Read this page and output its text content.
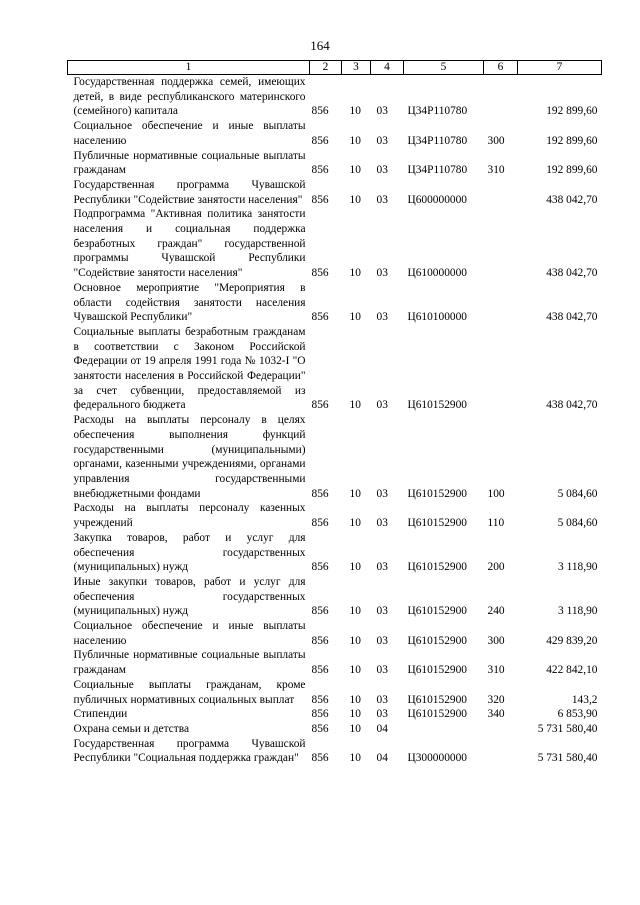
164
1	2	3	4	5	6	7
Государственная поддержка семей, имеющих детей, в виде республиканского материнского (семейного) капитала	856	10	03	Ц34Р110780		192 899,60
Социальное обеспечение и иные выплаты населению	856	10	03	Ц34Р110780	300	192 899,60
Публичные нормативные социальные выплаты гражданам	856	10	03	Ц34Р110780	310	192 899,60
Государственная программа Чувашской Республики "Содействие занятости населения"	856	10	03	Ц600000000		438 042,70
Подпрограмма "Активная политика занятости населения и социальная поддержка безработных граждан" государственной программы Чувашской Республики "Содействие занятости населения"	856	10	03	Ц610000000		438 042,70
Основное мероприятие "Мероприятия в области содействия занятости населения Чувашской Республики"	856	10	03	Ц610100000		438 042,70
Социальные выплаты безработным гражданам в соответствии с Законом Российской Федерации от 19 апреля 1991 года № 1032-I "О занятости населения в Российской Федерации" за счет субвенции, предоставляемой из федерального бюджета	856	10	03	Ц610152900		438 042,70
Расходы на выплаты персоналу в целях обеспечения выполнения функций государственными (муниципальными) органами, казенными учреждениями, органами управления государственными внебюджетными фондами	856	10	03	Ц610152900	100	5 084,60
Расходы на выплаты персоналу казенных учреждений	856	10	03	Ц610152900	110	5 084,60
Закупка товаров, работ и услуг для обеспечения государственных (муниципальных) нужд	856	10	03	Ц610152900	200	3 118,90
Иные закупки товаров, работ и услуг для обеспечения государственных (муниципальных) нужд	856	10	03	Ц610152900	240	3 118,90
Социальное обеспечение и иные выплаты населению	856	10	03	Ц610152900	300	429 839,20
Публичные нормативные социальные выплаты гражданам	856	10	03	Ц610152900	310	422 842,10
Социальные выплаты гражданам, кроме публичных нормативных социальных выплат	856	10	03	Ц610152900	320	143,2
Стипендии	856	10	03	Ц610152900	340	6 853,90
Охрана семьи и детства	856	10	04			5 731 580,40
Государственная программа Чувашской Республики "Социальная поддержка граждан"	856	10	04	Ц300000000		5 731 580,40
